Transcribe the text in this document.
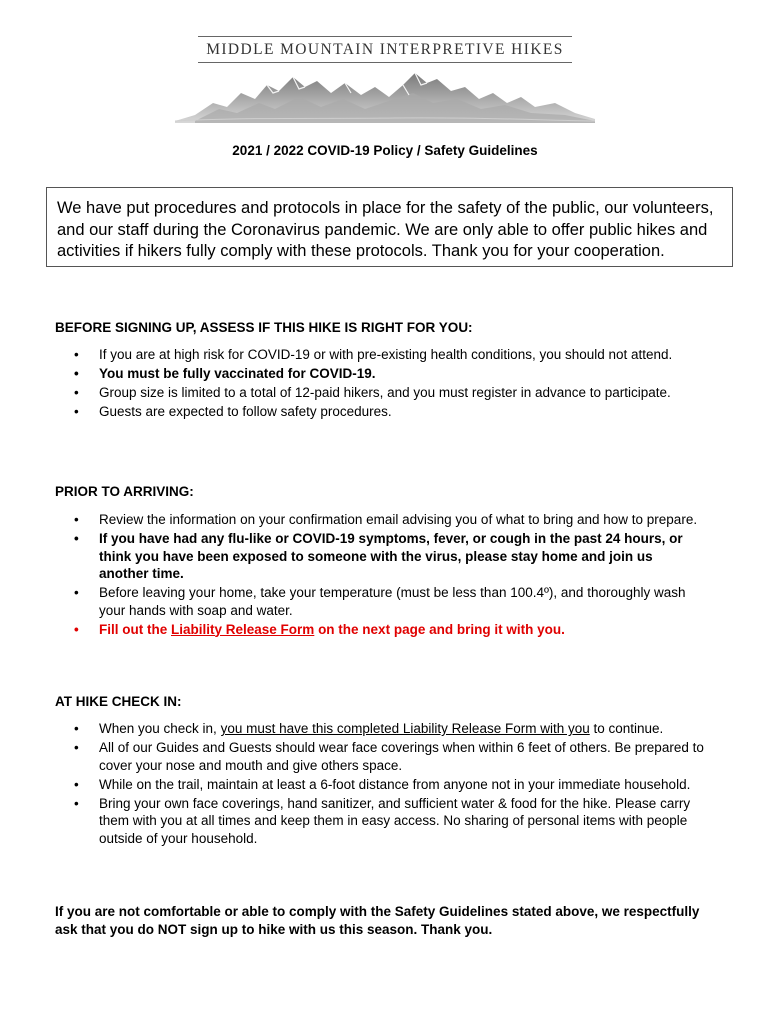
MIDDLE MOUNTAIN INTERPRETIVE HIKES
2021 / 2022 COVID-19 Policy / Safety Guidelines
We have put procedures and protocols in place for the safety of the public, our volunteers, and our staff during the Coronavirus pandemic. We are only able to offer public hikes and activities if hikers fully comply with these protocols. Thank you for your cooperation.
BEFORE SIGNING UP, ASSESS IF THIS HIKE IS RIGHT FOR YOU:
• If you are at high risk for COVID-19 or with pre-existing health conditions, you should not attend.
• You must be fully vaccinated for COVID-19.
• Group size is limited to a total of 12-paid hikers, and you must register in advance to participate.
• Guests are expected to follow safety procedures.
PRIOR TO ARRIVING:
• Review the information on your confirmation email advising you of what to bring and how to prepare.
• If you have had any flu-like or COVID-19 symptoms, fever, or cough in the past 24 hours, or think you have been exposed to someone with the virus, please stay home and join us another time.
• Before leaving your home, take your temperature (must be less than 100.4º), and thoroughly wash your hands with soap and water.
• Fill out the Liability Release Form on the next page and bring it with you.
AT HIKE CHECK IN:
• When you check in, you must have this completed Liability Release Form with you to continue.
• All of our Guides and Guests should wear face coverings when within 6 feet of others. Be prepared to cover your nose and mouth and give others space.
• While on the trail, maintain at least a 6-foot distance from anyone not in your immediate household.
• Bring your own face coverings, hand sanitizer, and sufficient water & food for the hike. Please carry them with you at all times and keep them in easy access. No sharing of personal items with people outside of your household.
If you are not comfortable or able to comply with the Safety Guidelines stated above, we respectfully ask that you do NOT sign up to hike with us this season. Thank you.
